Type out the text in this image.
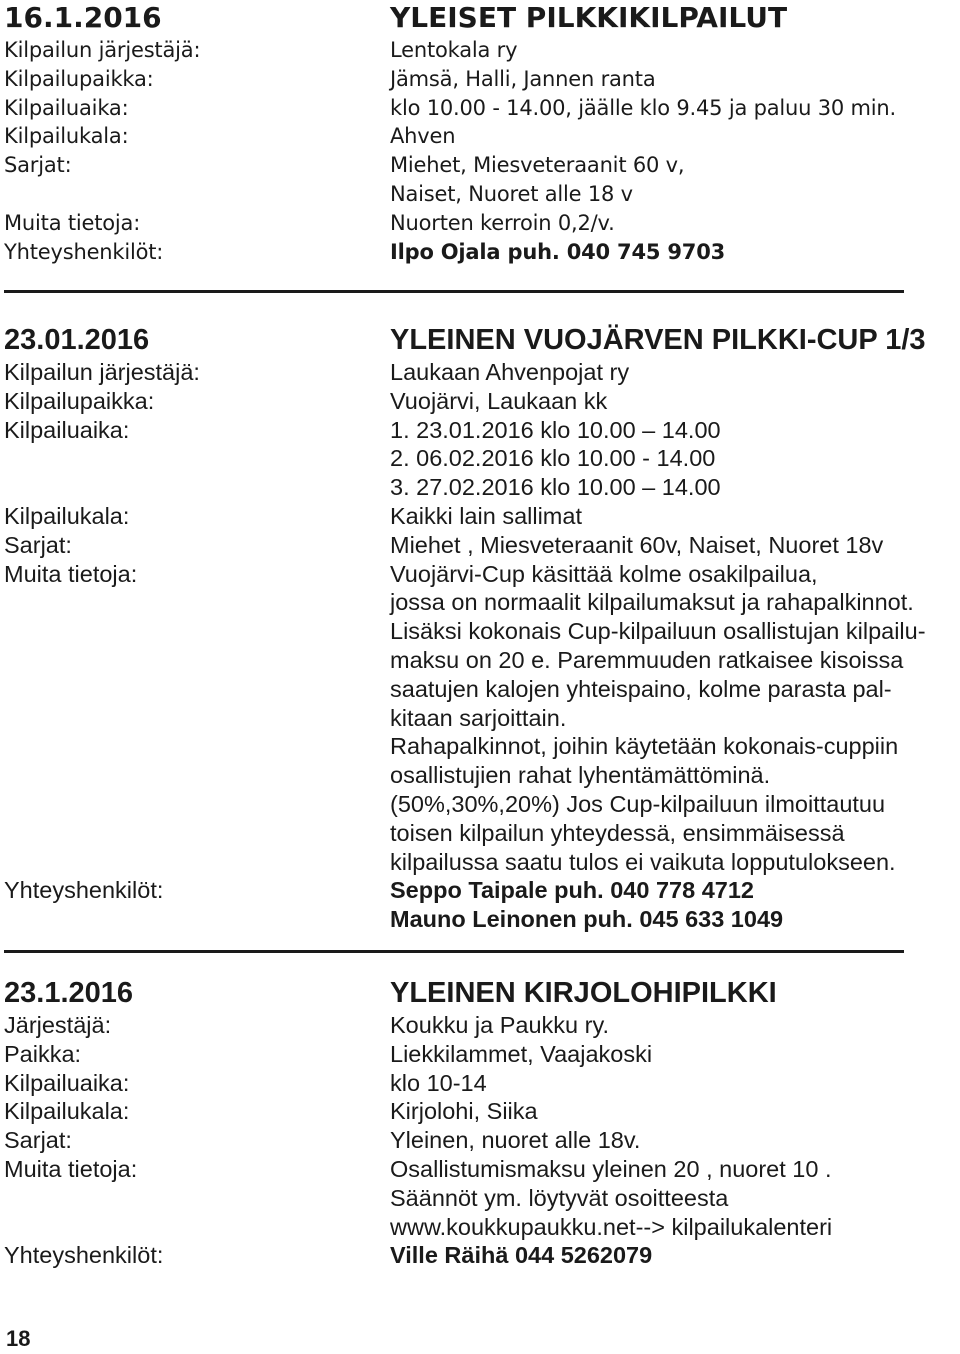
16.1.2016	YLEISET PILKKIKILPAILUT
Kilpailun järjestäjä:	Lentokala ry
Kilpailupaikka:	Jämsä, Halli, Jannen ranta
Kilpailuaika:	klo 10.00 - 14.00, jäälle klo 9.45 ja paluu 30 min.
Kilpailukala:	Ahven
Sarjat:	Miehet, Miesveteraanit 60 v,
Naiset, Nuoret alle 18 v
Muita tietoja:	Nuorten kerroin 0,2/v.
Yhteyshenkilöt:	Ilpo Ojala puh. 040 745 9703
23.01.2016	YLEINEN VUOJÄRVEN PILKKI-CUP 1/3
Kilpailun järjestäjä:	Laukaan Ahvenpojat ry
Kilpailupaikka:	Vuojärvi, Laukaan kk
Kilpailuaika:	1. 23.01.2016 klo 10.00 – 14.00
2. 06.02.2016 klo 10.00 - 14.00
3. 27.02.2016 klo 10.00 – 14.00
Kilpailukala:	Kaikki lain sallimat
Sarjat:	Miehet , Miesveteraanit 60v, Naiset, Nuoret 18v
Muita tietoja:	Vuojärvi-Cup käsittää kolme osakilpailua,
jossa on normaalit kilpailumaksut ja rahapalkinnot.
Lisäksi kokonais Cup-kilpailuun osallistujan kilpailu-
maksu on 20 e. Paremmuuden ratkaisee kisoissa
saatujen kalojen yhteispaino, kolme parasta pal-
kitaan sarjoittain.
Rahapalkinnot, joihin käytetään kokonais-cuppiin
osallistujien rahat lyhentämättöminä.
(50%,30%,20%) Jos Cup-kilpailuun ilmoittautuu
toisen kilpailun yhteydessä, ensimmäisessä
kilpailussa saatu tulos ei vaikuta lopputulokseen.
Yhteyshenkilöt:	Seppo Taipale puh. 040 778 4712
Mauno Leinonen puh. 045 633 1049
23.1.2016	YLEINEN KIRJOLOHIPILKKI
Järjestäjä:	Koukku ja Paukku ry.
Paikka:	Liekkilammet, Vaajakoski
Kilpailuaika:	klo 10-14
Kilpailukala:	Kirjolohi, Siika
Sarjat:	Yleinen, nuoret alle 18v.
Muita tietoja:	Osallistumismaksu yleinen 20 , nuoret 10 .
Säännöt ym. löytyvät osoitteesta
www.koukkupaukku.net--> kilpailukalenteri
Yhteyshenkilöt:	Ville Räihä 044 5262079
18
